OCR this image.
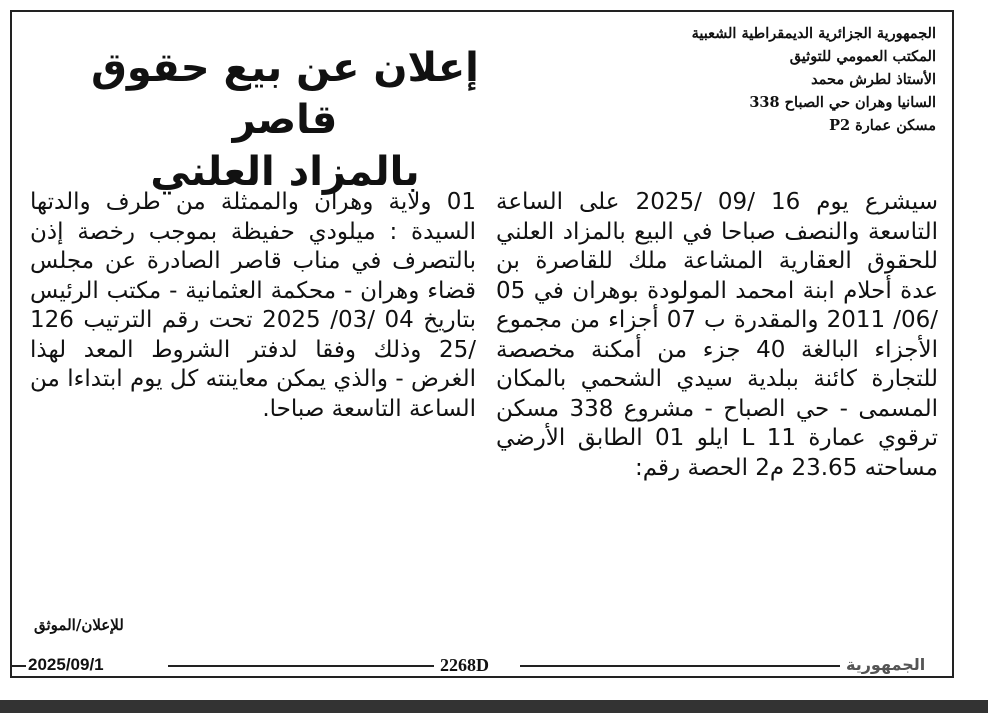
الجمهورية الجزائرية الديمقراطية الشعبية
المكتب العمومي للتوثيق
الأستاذ لطرش محمد
السانيا وهران حي الصباح 338
مسكن عمارة P2
إعلان عن بيع حقوق قاصر
بالمزاد العلني

سيشرع يوم 16 /09 /2025 على الساعة التاسعة والنصف صباحا في البيع بالمزاد العلني للحقوق العقارية المشاعة ملك للقاصرة بن عدة أحلام ابنة امحمد المولودة بوهران في 05 /06/ 2011 والمقدرة ب 07 أجزاء من مجموع الأجزاء البالغة 40 جزء من أمكنة مخصصة للتجارة كائنة ببلدية سيدي الشحمي بالمكان المسمى - حي الصباح - مشروع 338 مسكن ترقوي عمارة 11 L ايلو 01 الطابق الأرضي مساحته 23.65 م2 الحصة رقم:

01 ولاية وهران والممثلة من طرف والدتها السيدة : ميلودي حفيظة بموجب رخصة إذن بالتصرف في مناب قاصر الصادرة عن مجلس قضاء وهران - محكمة العثمانية - مكتب الرئيس بتاريخ 04 /03/ 2025 تحت رقم الترتيب 126 /25 وذلك وفقا لدفتر الشروط المعد لهذا الغرض - والذي يمكن معاينته كل يوم ابتداءا من الساعة التاسعة صباحا.

للإعلان/الموثق
2025/09/1	2268D	الجمهورية
